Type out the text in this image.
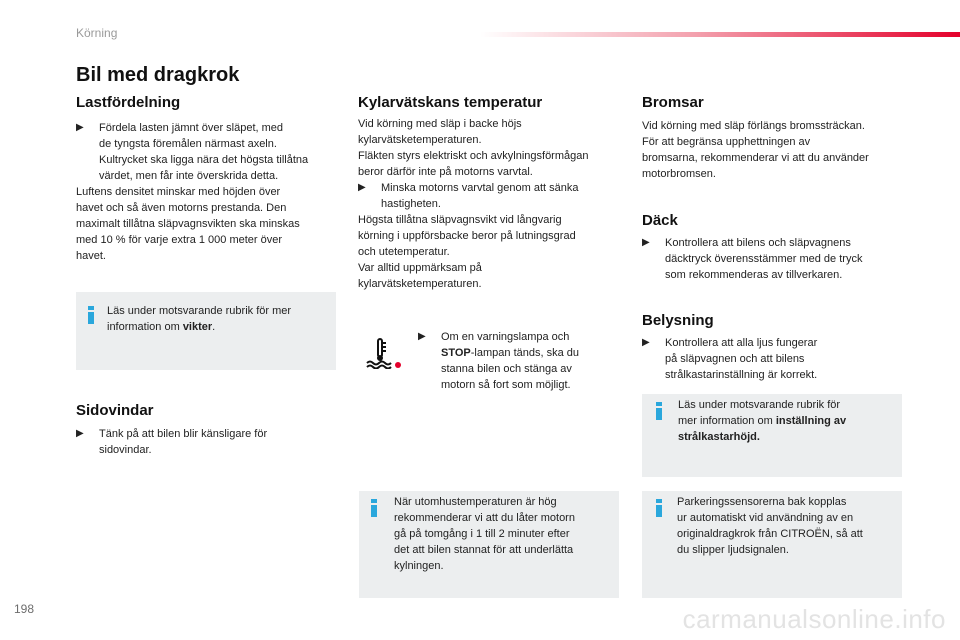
Körning
Bil med dragkrok
Lastfördelning
▶︎ Fördela lasten jämnt över släpet, med
de tyngsta föremålen närmast axeln.
Kultrycket ska ligga nära det högsta tillåtna
värdet, men får inte överskrida detta.
Luftens densitet minskar med höjden över
havet och så även motorns prestanda. Den
maximalt tillåtna släpvagnsvikten ska minskas
med 10 % för varje extra 1 000 meter över
havet.
Läs under motsvarande rubrik för mer
information om vikter.
Sidovindar
▶︎ Tänk på att bilen blir känsligare för
sidovindar.
Kylarvätskans temperatur
Vid körning med släp i backe höjs
kylarvätsketemperaturen.
Fläkten styrs elektriskt och avkylningsförmågan
beror därför inte på motorns varvtal.
▶︎ Minska motorns varvtal genom att sänka
hastigheten.
Högsta tillåtna släpvagnsvikt vid långvarig
körning i uppförsbacke beror på lutningsgrad
och utetemperatur.
Var alltid uppmärksam på
kylarvätsketemperaturen.
▶︎ Om en varningslampa och
STOP-lampan tänds, ska du
stanna bilen och stänga av
motorn så fort som möjligt.
När utomhustemperaturen är hög
rekommenderar vi att du låter motorn
gå på tomgång i 1 till 2 minuter efter
det att bilen stannat för att underlätta
kylningen.
Bromsar
Vid körning med släp förlängs bromssträckan.
För att begränsa upphettningen av
bromsarna, rekommenderar vi att du använder
motorbromsen.
Däck
▶︎ Kontrollera att bilens och släpvagnens
däcktryck överensstämmer med de tryck
som rekommenderas av tillverkaren.
Belysning
▶︎ Kontrollera att alla ljus fungerar
på släpvagnen och att bilens
strålkastarinställning är korrekt.
Läs under motsvarande rubrik för
mer information om inställning av
strålkastarhöjd.
Parkeringssensorerna bak kopplas
ur automatiskt vid användning av en
originaldragkrok från CITROËN, så att
du slipper ljudsignalen.
198	carmanualsonline.info
